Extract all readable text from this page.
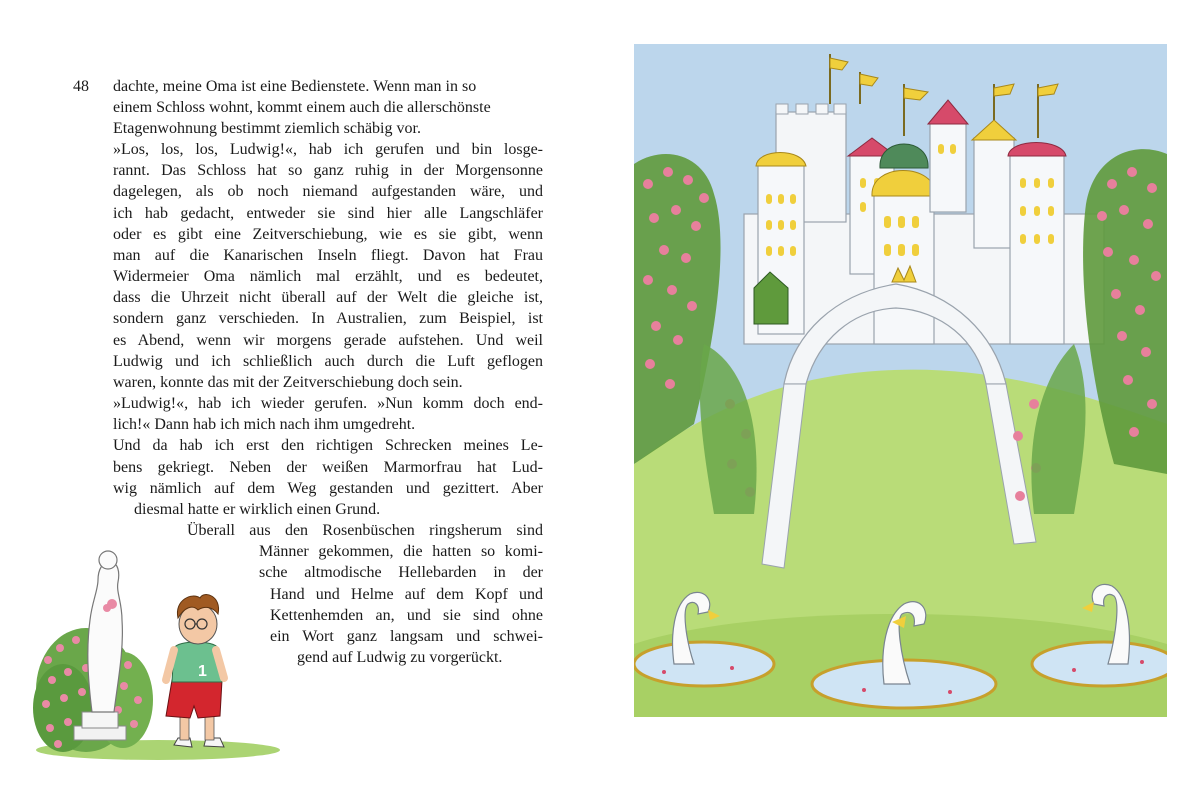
48 dachte, meine Oma ist eine Bedienstete. Wenn man in so
einem Schloss wohnt, kommt einem auch die allerschönste
Etagenwohnung bestimmt ziemlich schäbig vor.
»Los, los, los, Ludwig!«, hab ich gerufen und bin losge-
rannt. Das Schloss hat so ganz ruhig in der Morgensonne
dagelegen, als ob noch niemand aufgestanden wäre, und
ich hab gedacht, entweder sie sind hier alle Langschläfer
oder es gibt eine Zeitverschiebung, wie es sie gibt, wenn
man auf die Kanarischen Inseln fliegt. Davon hat Frau
Widermeier Oma nämlich mal erzählt, und es bedeutet,
dass die Uhrzeit nicht überall auf der Welt die gleiche ist,
sondern ganz verschieden. In Australien, zum Beispiel, ist
es Abend, wenn wir morgens gerade aufstehen. Und weil
Ludwig und ich schließlich auch durch die Luft geflogen
waren, konnte das mit der Zeitverschiebung doch sein.
»Ludwig!«, hab ich wieder gerufen. »Nun komm doch end-
lich!« Dann hab ich mich nach ihm umgedreht.
Und da hab ich erst den richtigen Schrecken meines Le-
bens gekriegt. Neben der weißen Marmorfrau hat Lud-
wig nämlich auf dem Weg gestanden und gezittert. Aber
diesmal hatte er wirklich einen Grund.
Überall aus den Rosenbüschen ringsherum sind
Männer gekommen, die hatten so komi-
sche altmodische Hellebarden in der
Hand und Helme auf dem Kopf und
Kettenhemden an, und sie sind ohne
ein Wort ganz langsam und schwei-
gend auf Ludwig zu vorgerückt.
1
